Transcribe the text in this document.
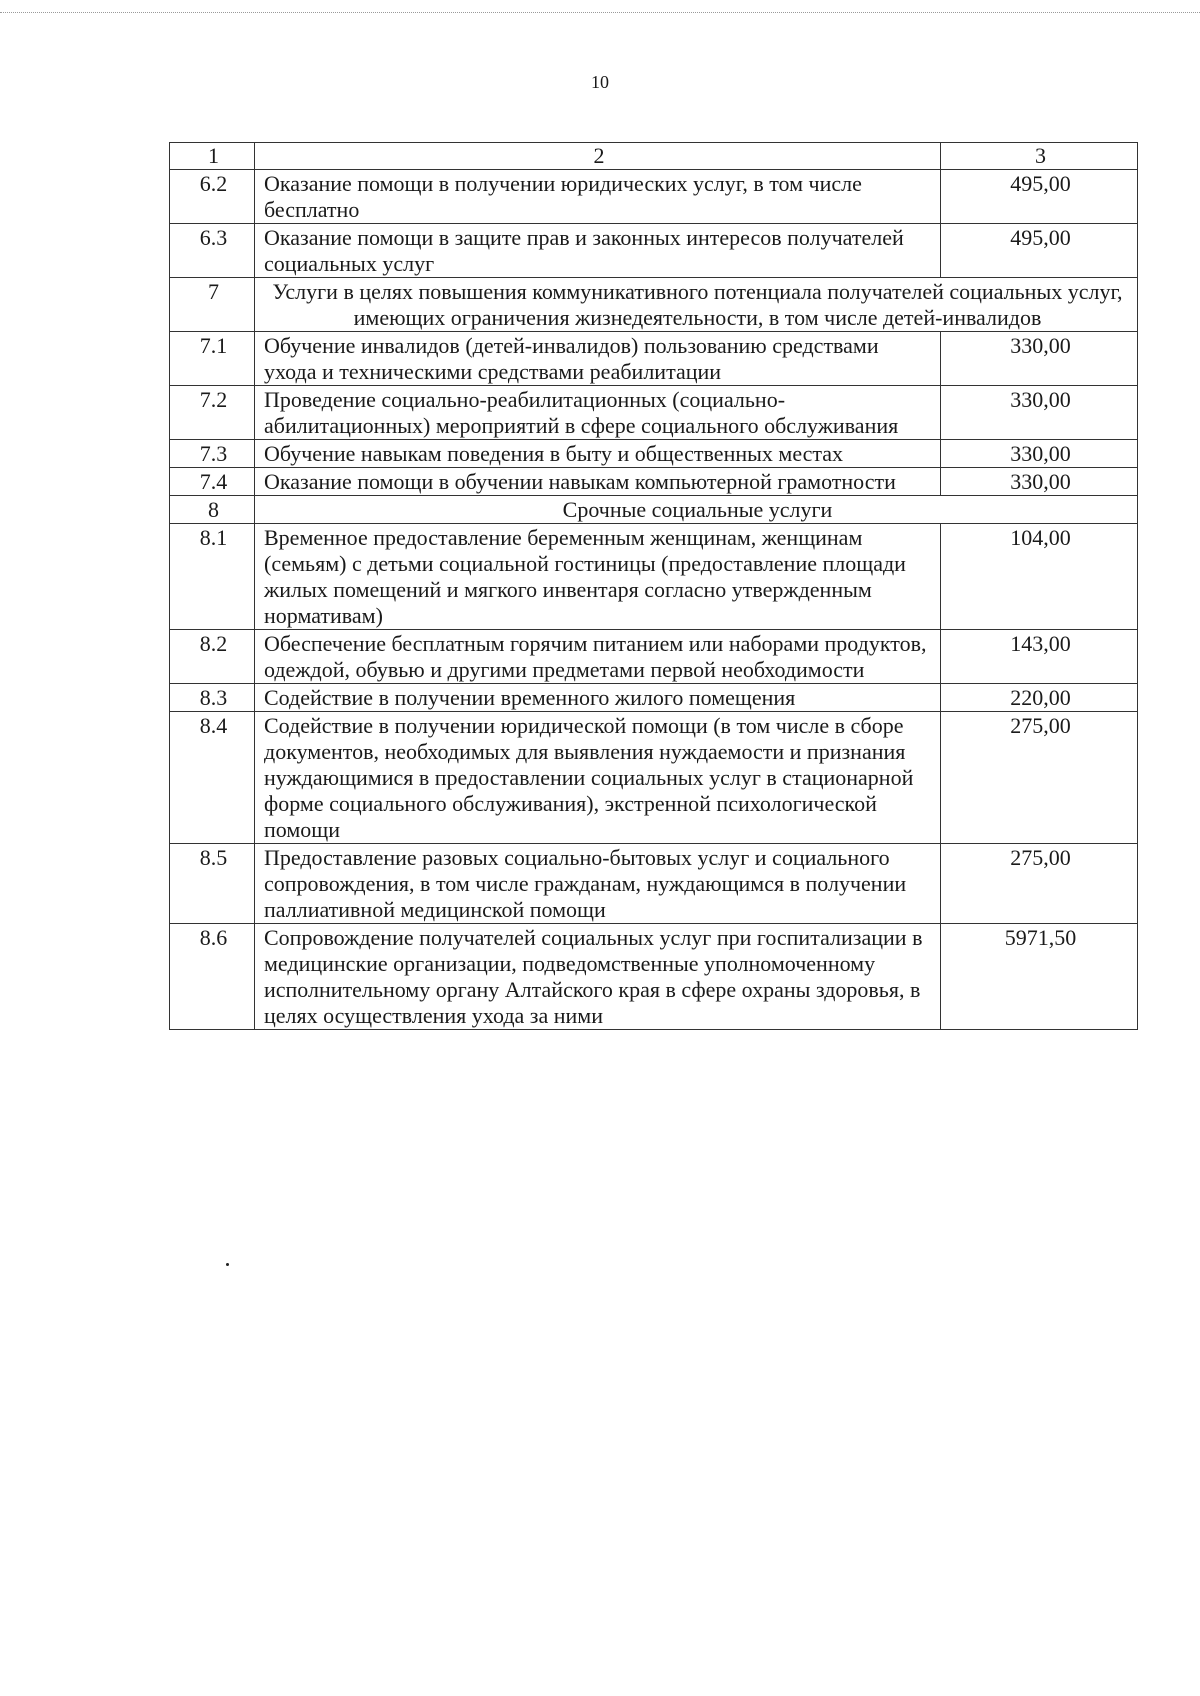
10
1	2	3
6.2	Оказание помощи в получении юридических услуг, в том числе бесплатно	495,00
6.3	Оказание помощи в защите прав и законных интересов получателей социальных услуг	495,00
7	Услуги в целях повышения коммуникативного потенциала получателей социальных услуг, имеющих ограничения жизнедеятельности, в том числе детей-инвалидов	
7.1	Обучение инвалидов (детей-инвалидов) пользованию средствами ухода и техническими средствами реабилитации	330,00
7.2	Проведение социально-реабилитационных (социально-абилитационных) мероприятий в сфере социального обслуживания	330,00
7.3	Обучение навыкам поведения в быту и общественных местах	330,00
7.4	Оказание помощи в обучении навыкам компьютерной грамотности	330,00
8	Срочные социальные услуги	
8.1	Временное предоставление беременным женщинам, женщинам (семьям) с детьми социальной гостиницы (предоставление площади жилых помещений и мягкого инвентаря согласно утвержденным нормативам)	104,00
8.2	Обеспечение бесплатным горячим питанием или наборами продуктов, одеждой, обувью и другими предметами первой необходимости	143,00
8.3	Содействие в получении временного жилого помещения	220,00
8.4	Содействие в получении юридической помощи (в том числе в сборе документов, необходимых для выявления нуждаемости и признания нуждающимися в предоставлении социальных услуг в стационарной форме социального обслуживания), экстренной психологической помощи	275,00
8.5	Предоставление разовых социально-бытовых услуг и социального сопровождения, в том числе гражданам, нуждающимся в получении паллиативной медицинской помощи	275,00
8.6	Сопровождение получателей социальных услуг при госпитализации в медицинские организации, подведомственные уполномоченному исполнительному органу Алтайского края в сфере охраны здоровья, в целях осуществления ухода за ними	5971,50
